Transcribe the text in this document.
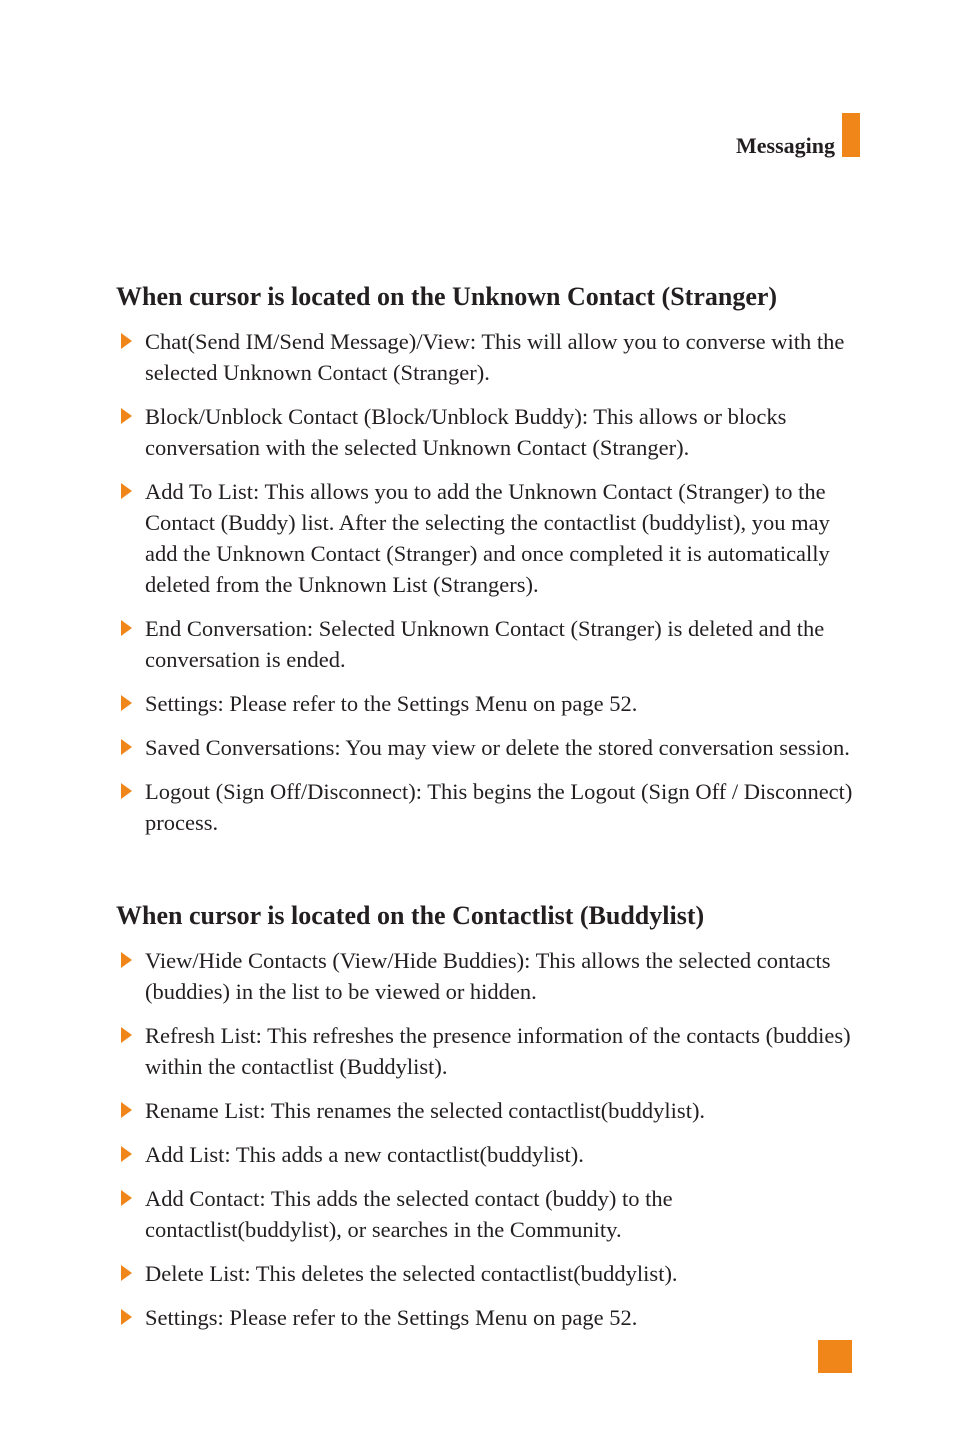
Messaging
When cursor is located on the Unknown Contact (Stranger)
Chat(Send IM/Send Message)/View: This will allow you to converse with the selected Unknown Contact (Stranger).
Block/Unblock Contact (Block/Unblock Buddy): This allows or blocks conversation with the selected Unknown Contact (Stranger).
Add To List: This allows you to add the Unknown Contact (Stranger) to the Contact (Buddy) list. After the selecting the contactlist (buddylist), you may add the Unknown Contact (Stranger) and once completed it is automatically deleted from the Unknown List (Strangers).
End Conversation: Selected Unknown Contact (Stranger) is deleted and the conversation is ended.
Settings: Please refer to the Settings Menu on page 52.
Saved Conversations: You may view or delete the stored conversation session.
Logout (Sign Off/Disconnect): This begins the Logout (Sign Off / Disconnect) process.
When cursor is located on the Contactlist (Buddylist)
View/Hide Contacts (View/Hide Buddies): This allows the selected contacts (buddies) in the list to be viewed or hidden.
Refresh List: This refreshes the presence information of the contacts (buddies) within the contactlist (Buddylist).
Rename List: This renames the selected contactlist(buddylist).
Add List: This adds a new contactlist(buddylist).
Add Contact: This adds the selected contact (buddy) to the contactlist(buddylist), or searches in the Community.
Delete List: This deletes the selected contactlist(buddylist).
Settings: Please refer to the Settings Menu on page 52.
